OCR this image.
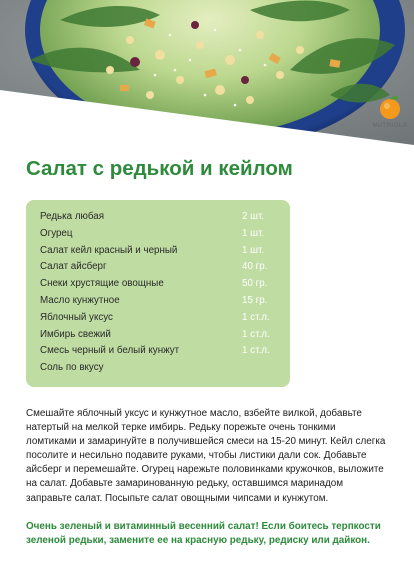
NUTRIOLA
Салат с редькой и кейлом
Редька любая	2 шт.
Огурец	1 шт.
Салат кейл красный и черный	1 шт.
Салат айсберг	40 гр.
Снеки хрустящие овощные	50 гр.
Масло кунжутное	15 гр.
Яблочный уксус	1 ст.л.
Имбирь свежий	1 ст.л.
Смесь черный и белый кунжут	1 ст.л.
Соль по вкусу

Смешайте яблочный уксус и кунжутное масло, взбейте вилкой, добавьте натертый на мелкой терке имбирь. Редьку порежьте очень тонкими ломтиками и замаринуйте в получившейся смеси на 15-20 минут. Кейл слегка посолите и несильно подавите руками, чтобы листики дали сок. Добавьте айсберг и перемешайте. Огурец нарежьте половинками кружочков, выложите на салат. Добавьте замаринованную редьку, оставшимся маринадом заправьте салат. Посыпьте салат овощными чипсами и кунжутом.

Очень зеленый и витаминный весенний салат! Если боитесь терпкости зеленой редьки, замените ее на красную редьку, редиску или дайкон.
